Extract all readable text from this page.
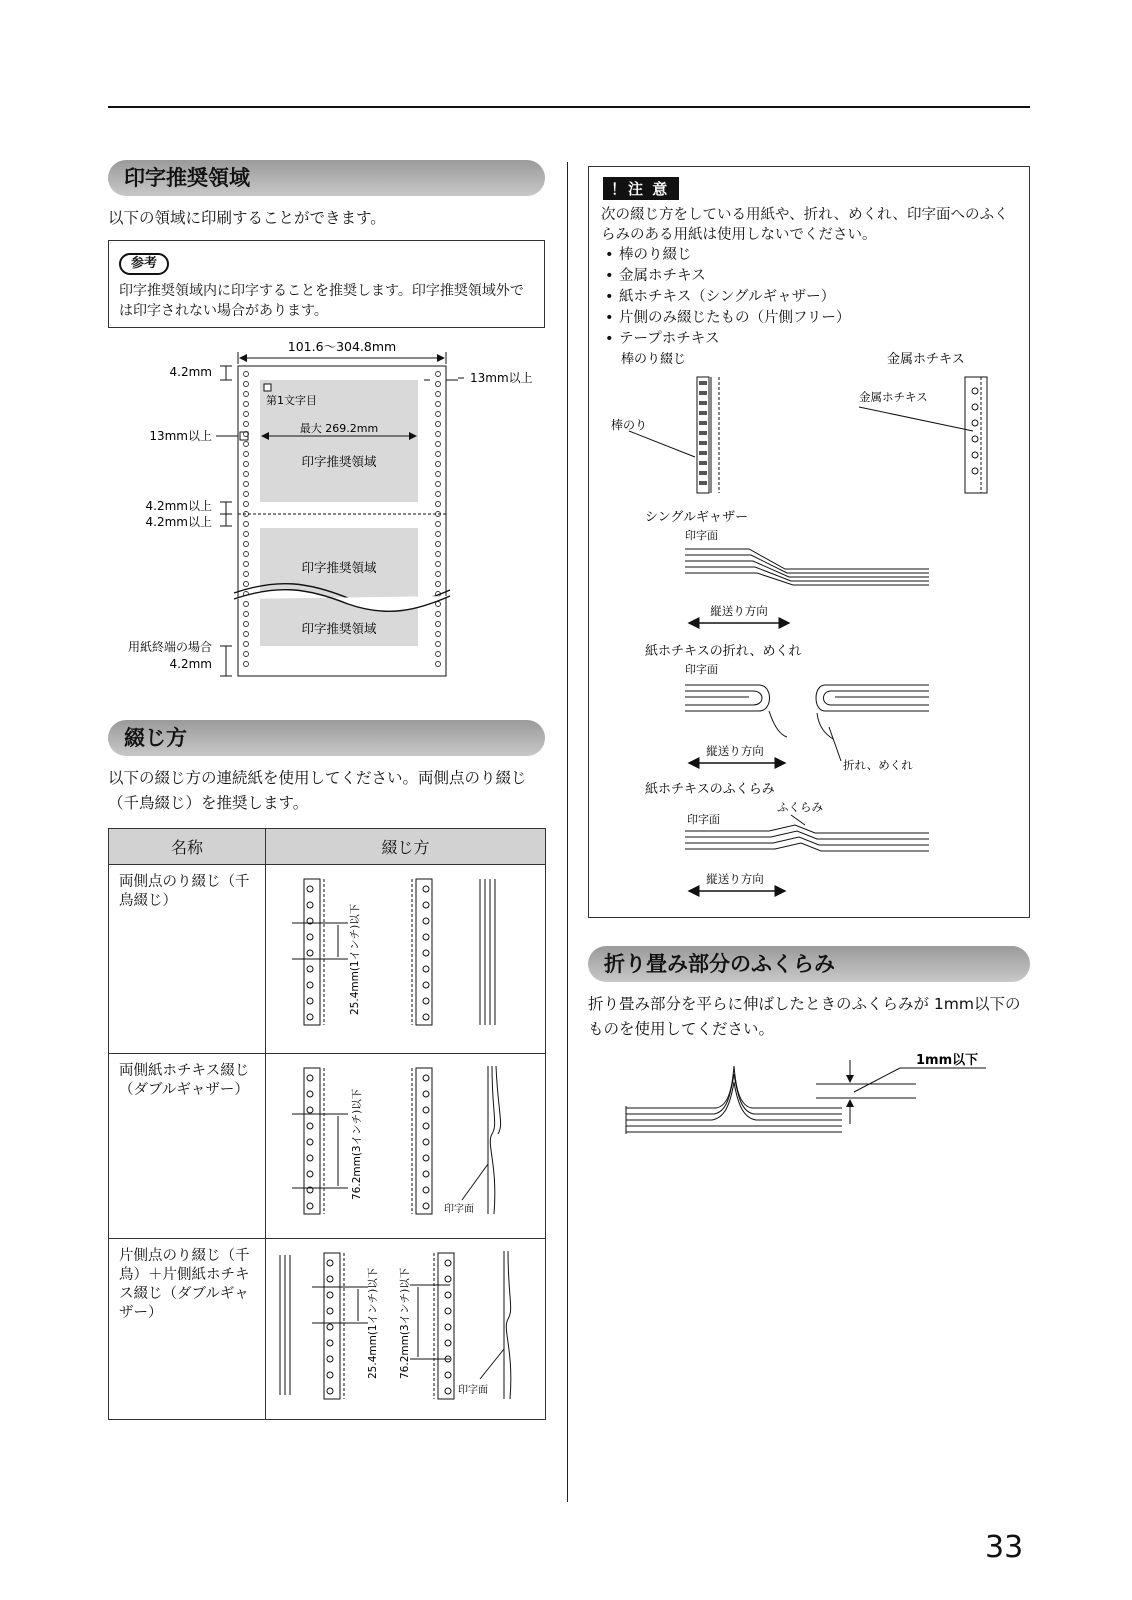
印字推奨領域
以下の領域に印刷することができます。
参考
印字推奨領域内に印字することを推奨します。印字推奨領域外では印字されない場合があります。
101.6～304.8mm
第1文字目
最大 269.2mm
印字推奨領域
印字推奨領域
印字推奨領域
4.2mm
13mm以上
4.2mm以上
4.2mm以上
用紙終端の場合
4.2mm
13mm以上
綴じ方
以下の綴じ方の連続紙を使用してください。両側点のり綴じ（千鳥綴じ）を推奨します。
名称	綴じ方
両側点のり綴じ（千鳥綴じ）	25.4mm(1インチ)以下

両側紙ホチキス綴じ（ダブルギャザー）	76.2mm(3インチ)以下
印字面

片側点のり綴じ（千鳥）＋片側紙ホチキス綴じ（ダブルギャザー）	25.4mm(1インチ)以下 76.2mm(3インチ)以下
印字面
！注 意
次の綴じ方をしている用紙や、折れ、めくれ、印字面へのふくらみのある用紙は使用しないでください。
• 棒のり綴じ
• 金属ホチキス
• 紙ホチキス（シングルギャザー）
• 片側のみ綴じたもの（片側フリー）
• テープホチキス
棒のり綴じ
棒のり
金属ホチキス
金属ホチキス
シングルギャザー
印字面
縦送り方向
紙ホチキスの折れ、めくれ
印字面
縦送り方向
折れ、めくれ
紙ホチキスのふくらみ
印字面
ふくらみ
縦送り方向
折り畳み部分のふくらみ
折り畳み部分を平らに伸ばしたときのふくらみが 1mm以下のものを使用してください。
1mm以下
33
